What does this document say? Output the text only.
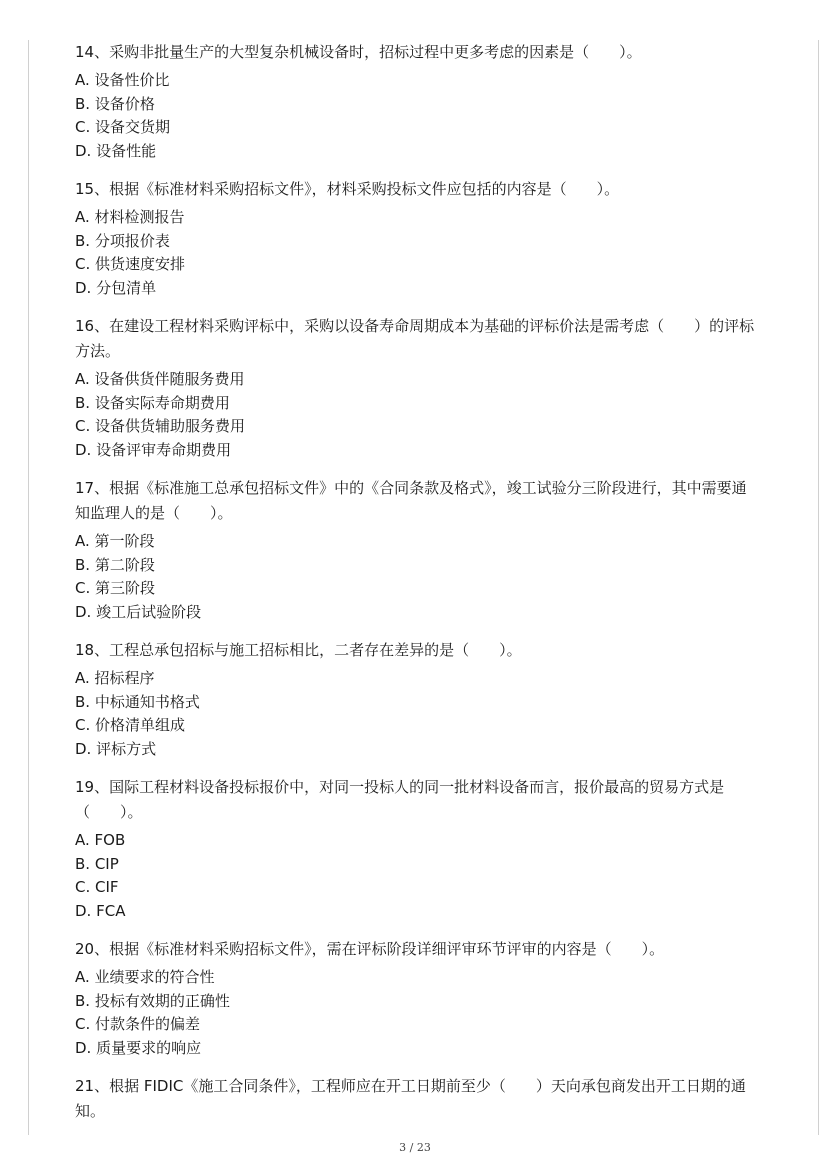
14、采购非批量生产的大型复杂机械设备时，招标过程中更多考虑的因素是（　　）。

A. 设备性价比

B. 设备价格

C. 设备交货期

D. 设备性能

15、根据《标准材料采购招标文件》，材料采购投标文件应包括的内容是（　　）。

A. 材料检测报告

B. 分项报价表

C. 供货速度安排

D. 分包清单

16、在建设工程材料采购评标中，采购以设备寿命周期成本为基础的评标价法是需考虑（　　）的评标方法。

A. 设备供货伴随服务费用

B. 设备实际寿命期费用

C. 设备供货辅助服务费用

D. 设备评审寿命期费用

17、根据《标准施工总承包招标文件》中的《合同条款及格式》，竣工试验分三阶段进行，其中需要通知监理人的是（　　）。

A. 第一阶段

B. 第二阶段

C. 第三阶段

D. 竣工后试验阶段

18、工程总承包招标与施工招标相比，二者存在差异的是（　　）。

A. 招标程序

B. 中标通知书格式

C. 价格清单组成

D. 评标方式

19、国际工程材料设备投标报价中，对同一投标人的同一批材料设备而言，报价最高的贸易方式是（　　）。

A. FOB

B. CIP

C. CIF

D. FCA

20、根据《标准材料采购招标文件》，需在评标阶段详细评审环节评审的内容是（　　）。

A. 业绩要求的符合性

B. 投标有效期的正确性

C. 付款条件的偏差

D. 质量要求的响应

21、根据 FIDIC《施工合同条件》，工程师应在开工日期前至少（　　）天向承包商发出开工日期的通知。

3 / 23
